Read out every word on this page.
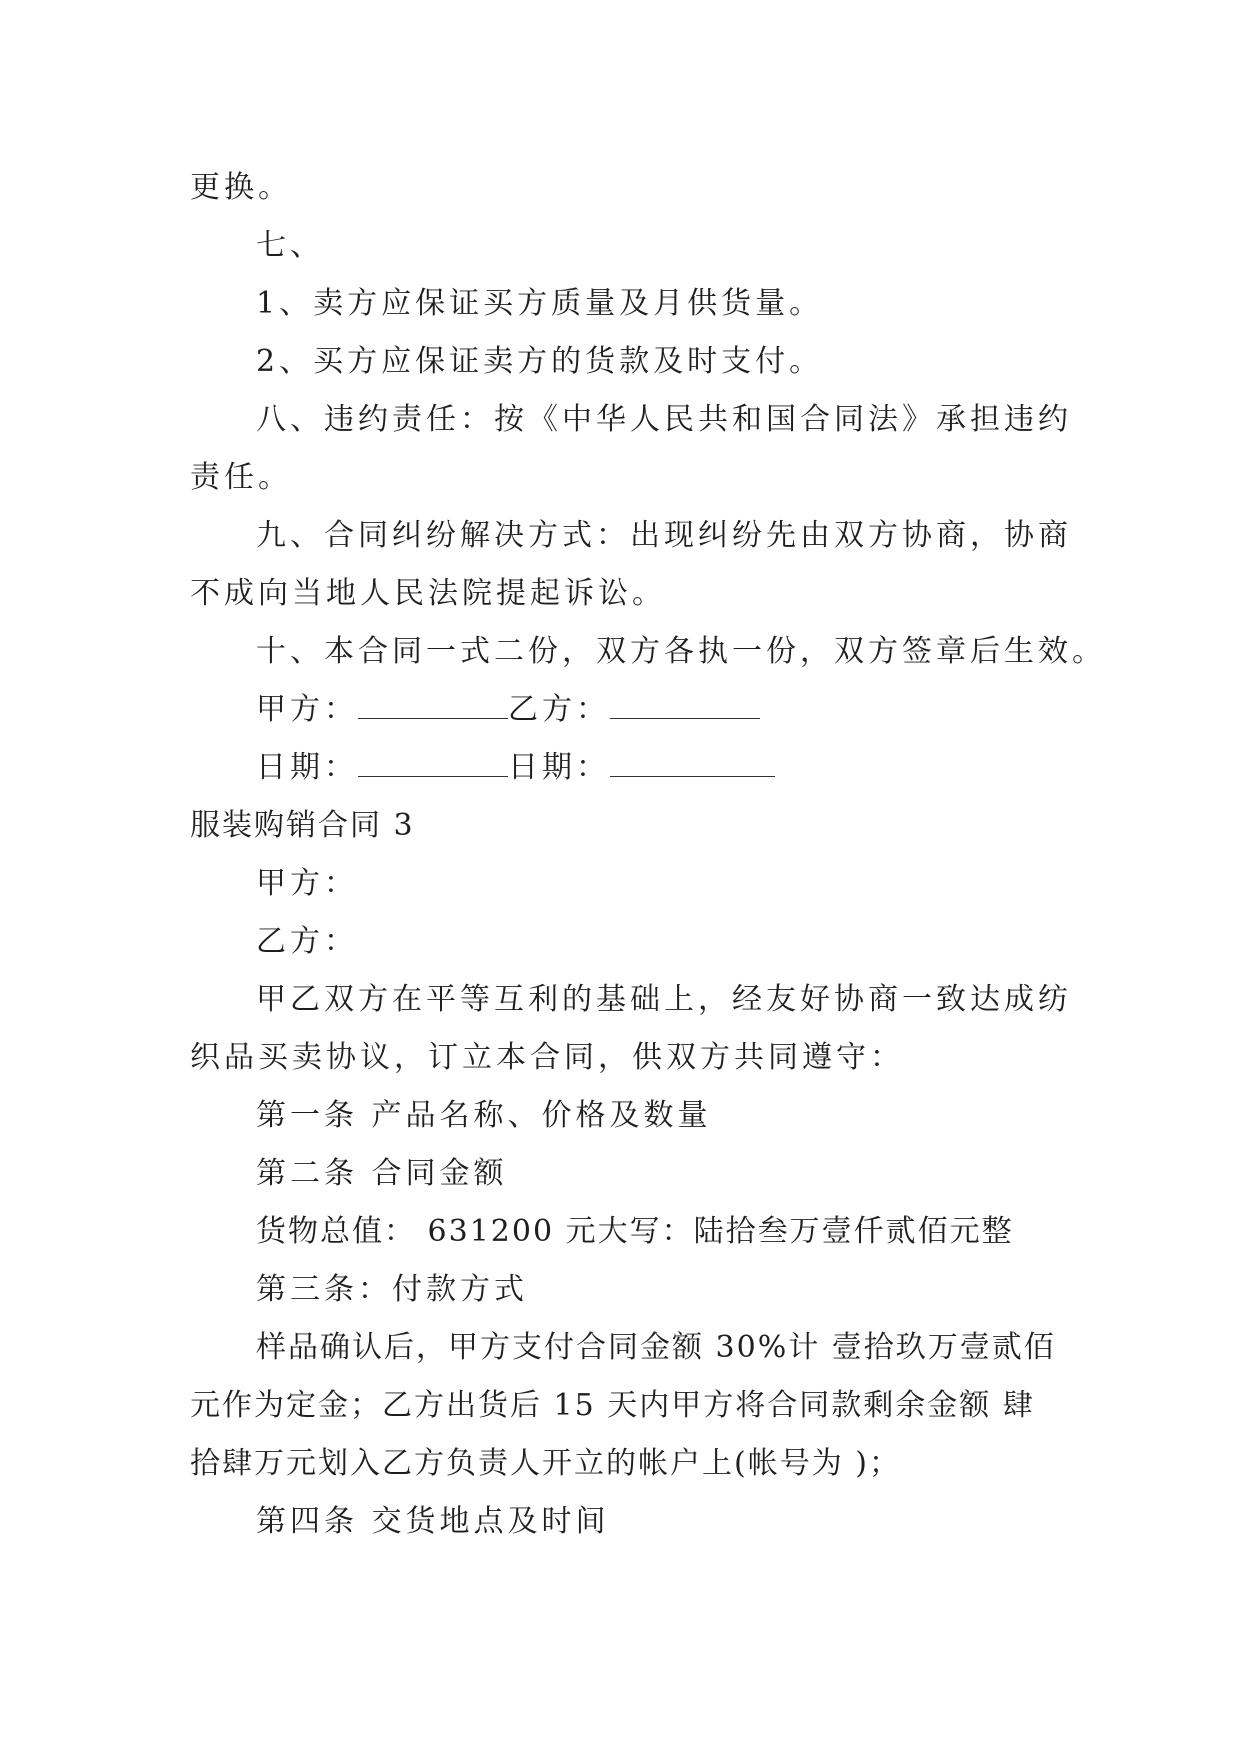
更换。
七、
1、卖方应保证买方质量及月供货量。
2、买方应保证卖方的货款及时支付。
八、违约责任：按《中华人民共和国合同法》承担违约
责任。
九、合同纠纷解决方式：出现纠纷先由双方协商，协商
不成向当地人民法院提起诉讼。
十、本合同一式二份，双方各执一份，双方签章后生效。
甲方：	乙方：
日期：	日期：
服装购销合同 3
甲方：
乙方：
甲乙双方在平等互利的基础上，经友好协商一致达成纺
织品买卖协议，订立本合同，供双方共同遵守：
第一条 产品名称、价格及数量
第二条 合同金额
货物总值： 631200 元大写：陆拾叁万壹仟贰佰元整
第三条：付款方式
样品确认后，甲方支付合同金额 30%计 壹拾玖万壹贰佰
元作为定金；乙方出货后 15 天内甲方将合同款剩余金额 肆
拾肆万元划入乙方负责人开立的帐户上(帐号为 )；
第四条 交货地点及时间
